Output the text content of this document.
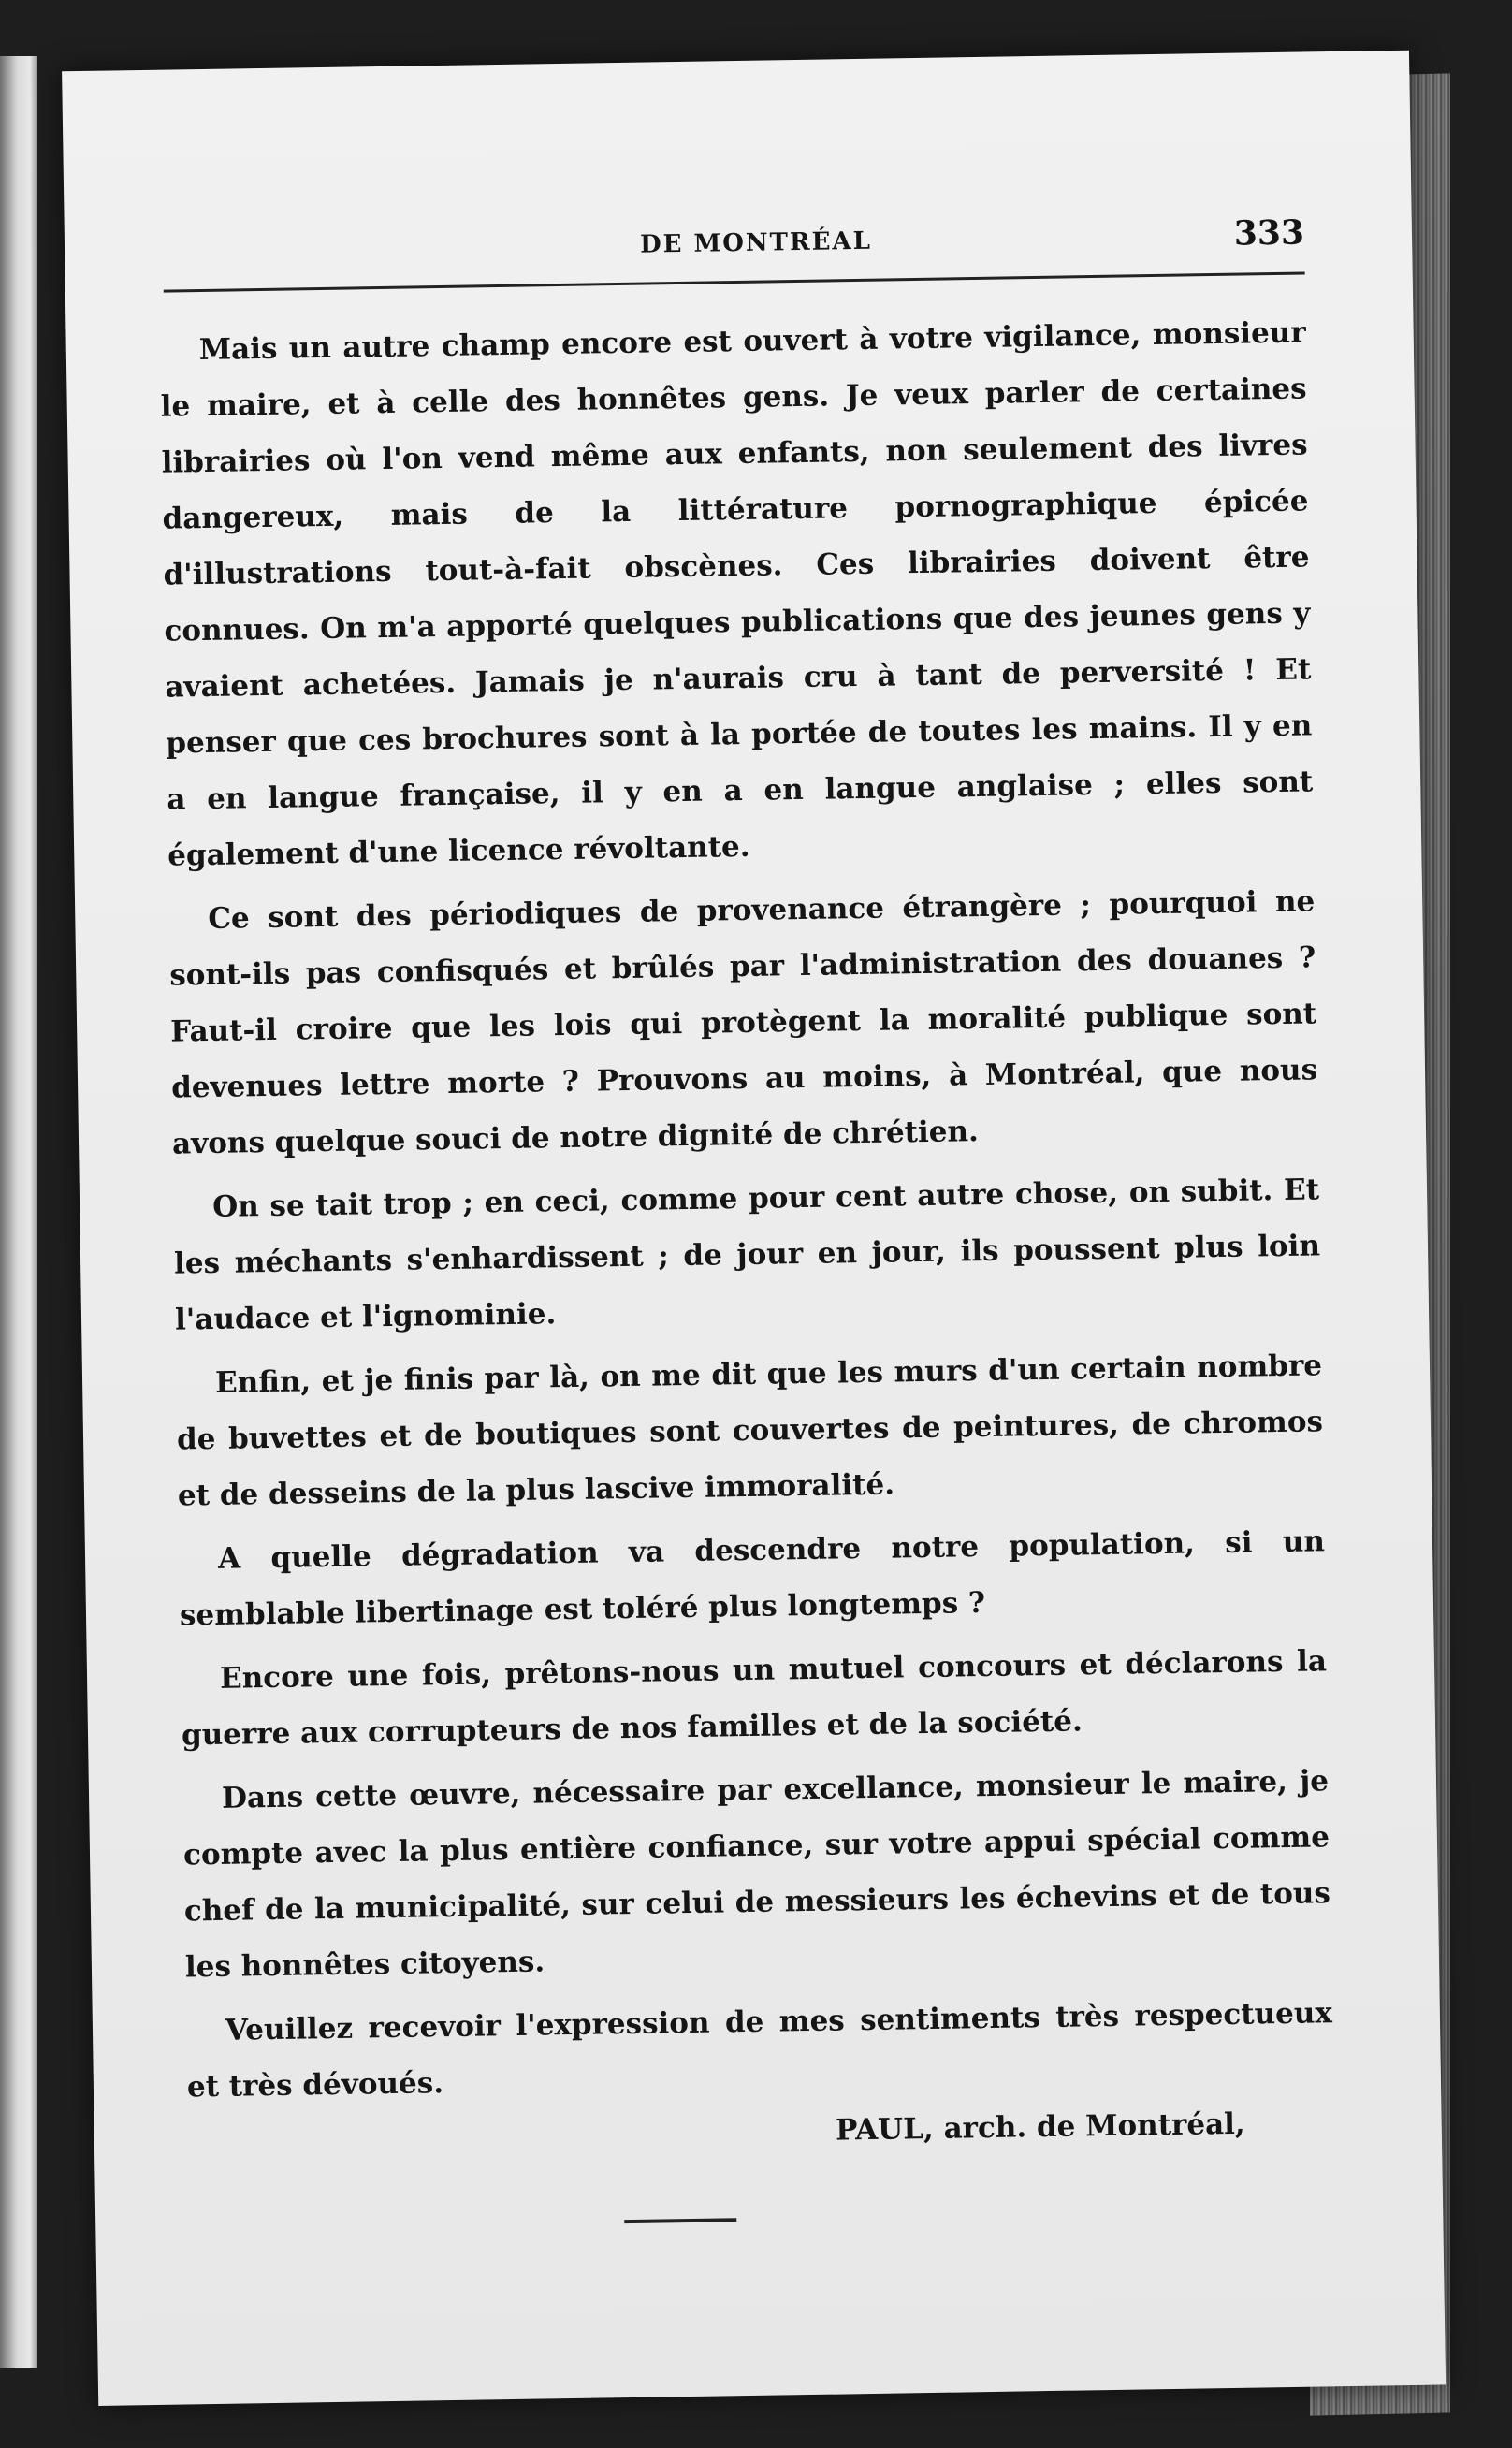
DE MONTRÉAL	333

Mais un autre champ encore est ouvert à votre vigilance, monsieur le maire, et à celle des honnêtes gens. Je veux parler de certaines librairies où l'on vend même aux enfants, non seulement des livres dangereux, mais de la littérature pornographique épicée d'illustrations tout-à-fait obscènes. Ces librairies doivent être connues. On m'a apporté quelques publications que des jeunes gens y avaient achetées. Jamais je n'aurais cru à tant de perversité ! Et penser que ces brochures sont à la portée de toutes les mains. Il y en a en langue française, il y en a en langue anglaise ; elles sont également d'une licence révoltante.

Ce sont des périodiques de provenance étrangère ; pourquoi ne sont-ils pas confisqués et brûlés par l'administration des douanes ? Faut-il croire que les lois qui protègent la moralité publique sont devenues lettre morte ? Prouvons au moins, à Montréal, que nous avons quelque souci de notre dignité de chrétien.

On se tait trop ; en ceci, comme pour cent autre chose, on subit. Et les méchants s'enhardissent ; de jour en jour, ils poussent plus loin l'audace et l'ignominie.

Enfin, et je finis par là, on me dit que les murs d'un certain nombre de buvettes et de boutiques sont couvertes de peintures, de chromos et de desseins de la plus lascive immoralité.

A quelle dégradation va descendre notre population, si un semblable libertinage est toléré plus longtemps ?

Encore une fois, prêtons-nous un mutuel concours et déclarons la guerre aux corrupteurs de nos familles et de la société.

Dans cette œuvre, nécessaire par excellance, monsieur le maire, je compte avec la plus entière confiance, sur votre appui spécial comme chef de la municipalité, sur celui de messieurs les échevins et de tous les honnêtes citoyens.

Veuillez recevoir l'expression de mes sentiments très respectueux et très dévoués.

PAUL, arch. de Montréal,
